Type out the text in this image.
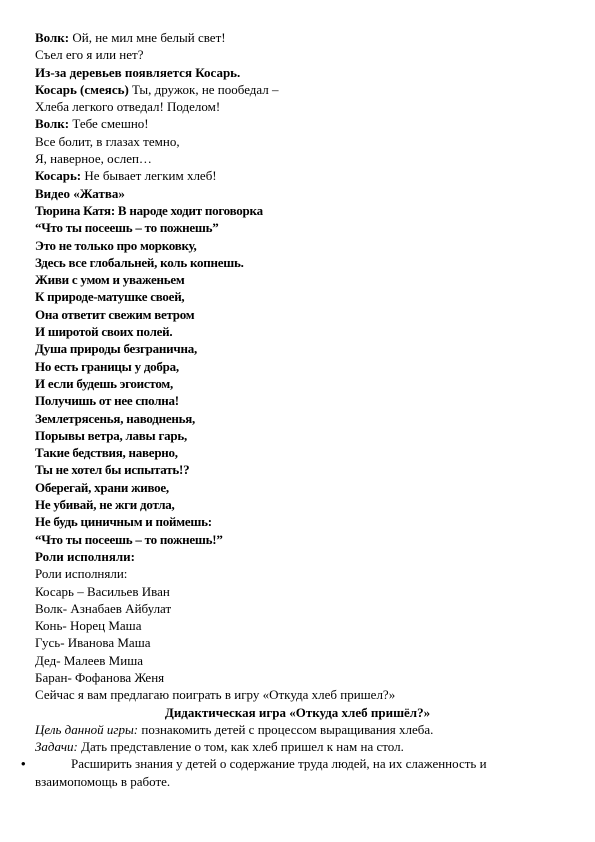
Волк: Ой, не мил мне белый свет!
Съел его я или нет?
Из-за деревьев появляется Косарь.
Косарь (смеясь) Ты, дружок, не пообедал –
Хлеба легкого отведал! Поделом!
Волк: Тебе смешно!
Все болит, в глазах темно,
Я, наверное, ослеп…
Косарь: Не бывает легким хлеб!
Видео «Жатва»
Тюрина Катя: В народе ходит поговорка
“Что ты посеешь – то пожнешь”
Это не только про морковку,
Здесь все глобальней, коль копнешь.
Живи с умом и уваженьем
К природе-матушке своей,
Она ответит свежим ветром
И широтой своих полей.
Душа природы безгранична,
Но есть границы у добра,
И если будешь эгоистом,
Получишь от нее сполна!
Землетрясенья, наводненья,
Порывы ветра, лавы гарь,
Такие бедствия, наверно,
Ты не хотел бы испытать!?
Оберегай, храни живое,
Не убивай, не жги дотла,
Не будь циничным и поймешь:
“Что ты посеешь – то пожнешь!”
Роли исполняли:
Роли исполняли:
Косарь – Васильев Иван
Волк- Азнабаев Айбулат
Конь- Норец Маша
Гусь- Иванова Маша
Дед- Малеев Миша
Баран- Фофанова Женя
Сейчас я вам предлагаю поиграть в игру «Откуда хлеб пришел?»
Дидактическая игра «Откуда хлеб пришёл?»
Цель данной игры: познакомить детей с процессом выращивания хлеба.
Задачи: Дать представление о том, как хлеб пришел к нам на стол.
•	Расширить знания у детей о содержание труда людей, на их слаженность и
взаимопомощь в работе.
